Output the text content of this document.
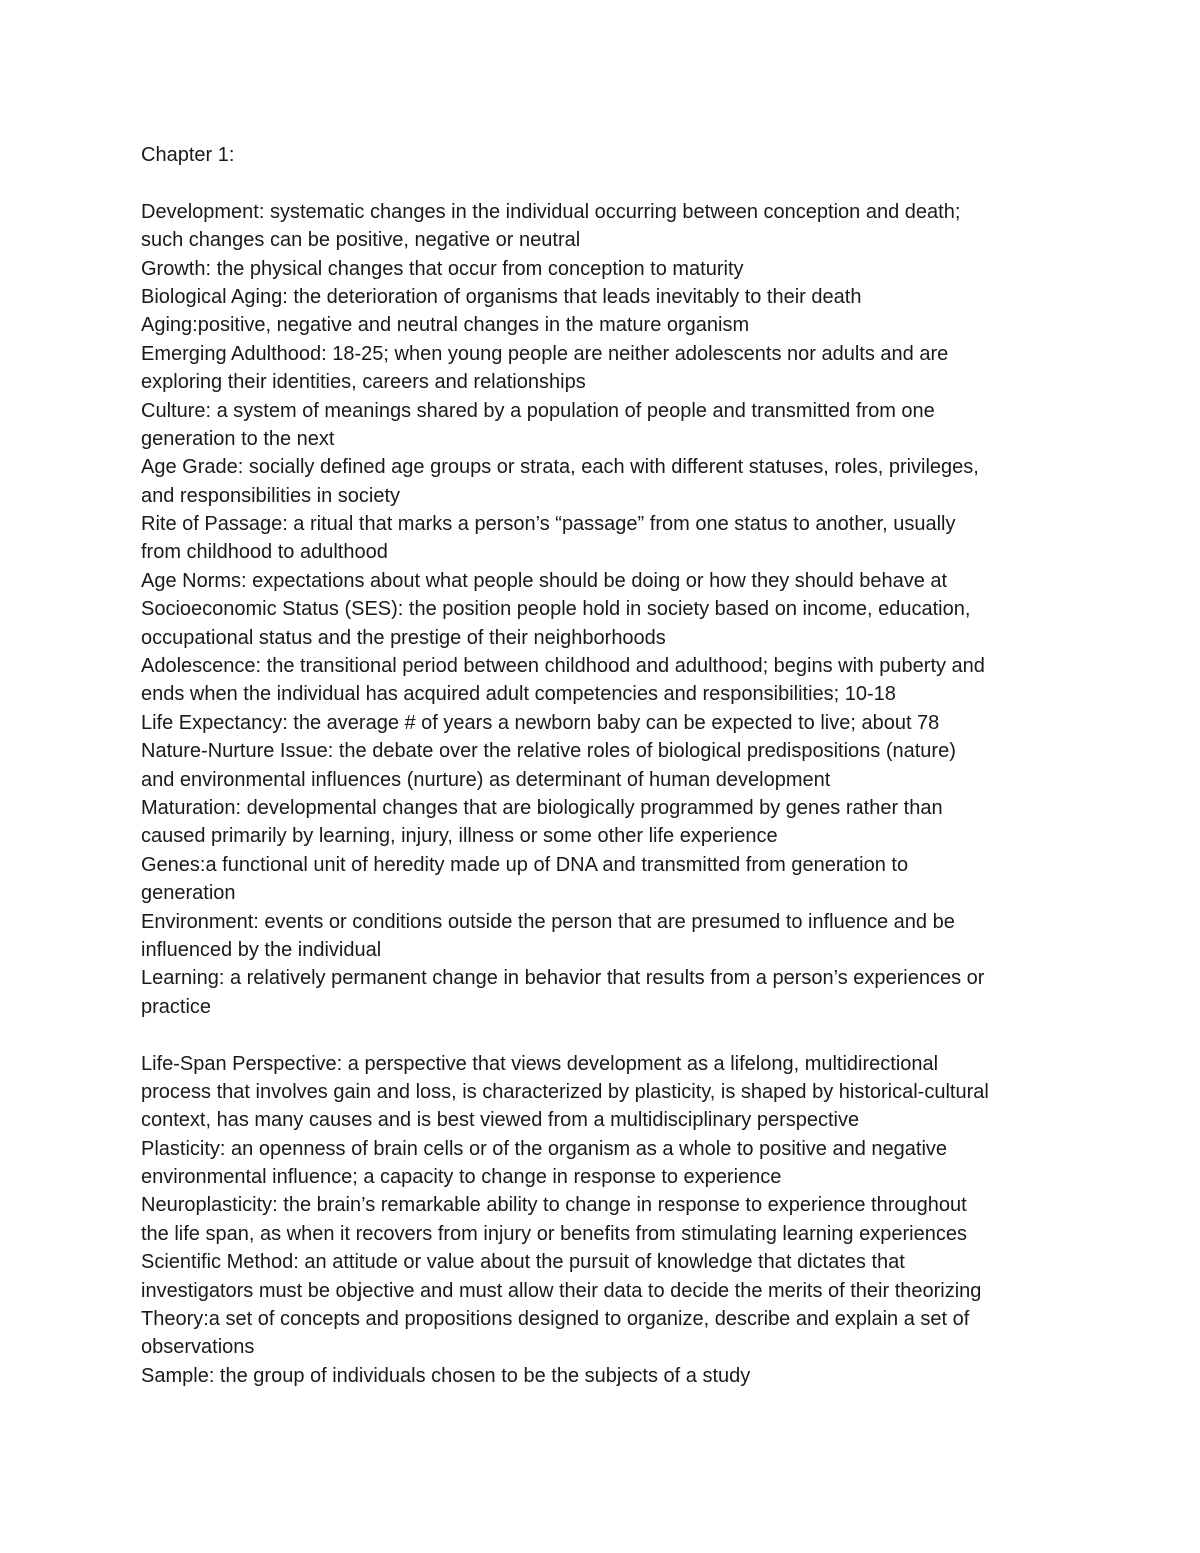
Chapter 1:
Development: systematic changes in the individual occurring between conception and death;
such changes can be positive, negative or neutral
Growth: the physical changes that occur from conception to maturity
Biological Aging: the deterioration of organisms that leads inevitably to their death
Aging:positive, negative and neutral changes in the mature organism
Emerging Adulthood: 18-25; when young people are neither adolescents nor adults and are
exploring their identities, careers and relationships
Culture: a system of meanings shared by a population of people and transmitted from one
generation to the next
Age Grade: socially defined age groups or strata, each with different statuses, roles, privileges,
and responsibilities in society
Rite of Passage: a ritual that marks a person’s “passage” from one status to another, usually
from childhood to adulthood
Age Norms: expectations about what people should be doing or how they should behave at
Socioeconomic Status (SES): the position people hold in society based on income, education,
occupational status and the prestige of their neighborhoods
Adolescence: the transitional period between childhood and adulthood; begins with puberty and
ends when the individual has acquired adult competencies and responsibilities; 10-18
Life Expectancy: the average # of years a newborn baby can be expected to live; about 78
Nature-Nurture Issue: the debate over the relative roles of biological predispositions (nature)
and environmental influences (nurture) as determinant of human development
Maturation: developmental changes that are biologically programmed by genes rather than
caused primarily by learning, injury, illness or some other life experience
Genes:a functional unit of heredity made up of DNA and transmitted from generation to
generation
Environment: events or conditions outside the person that are presumed to influence and be
influenced by the individual
Learning: a relatively permanent change in behavior that results from a person’s experiences or
practice
Life-Span Perspective: a perspective that views development as a lifelong, multidirectional
process that involves gain and loss, is characterized by plasticity, is shaped by historical-cultural
context, has many causes and is best viewed from a multidisciplinary perspective
Plasticity: an openness of brain cells or of the organism as a whole to positive and negative
environmental influence; a capacity to change in response to experience
Neuroplasticity: the brain’s remarkable ability to change in response to experience throughout
the life span, as when it recovers from injury or benefits from stimulating learning experiences
Scientific Method: an attitude or value about the pursuit of knowledge that dictates that
investigators must be objective and must allow their data to decide the merits of their theorizing
Theory:a set of concepts and propositions designed to organize, describe and explain a set of
observations
Sample: the group of individuals chosen to be the subjects of a study
